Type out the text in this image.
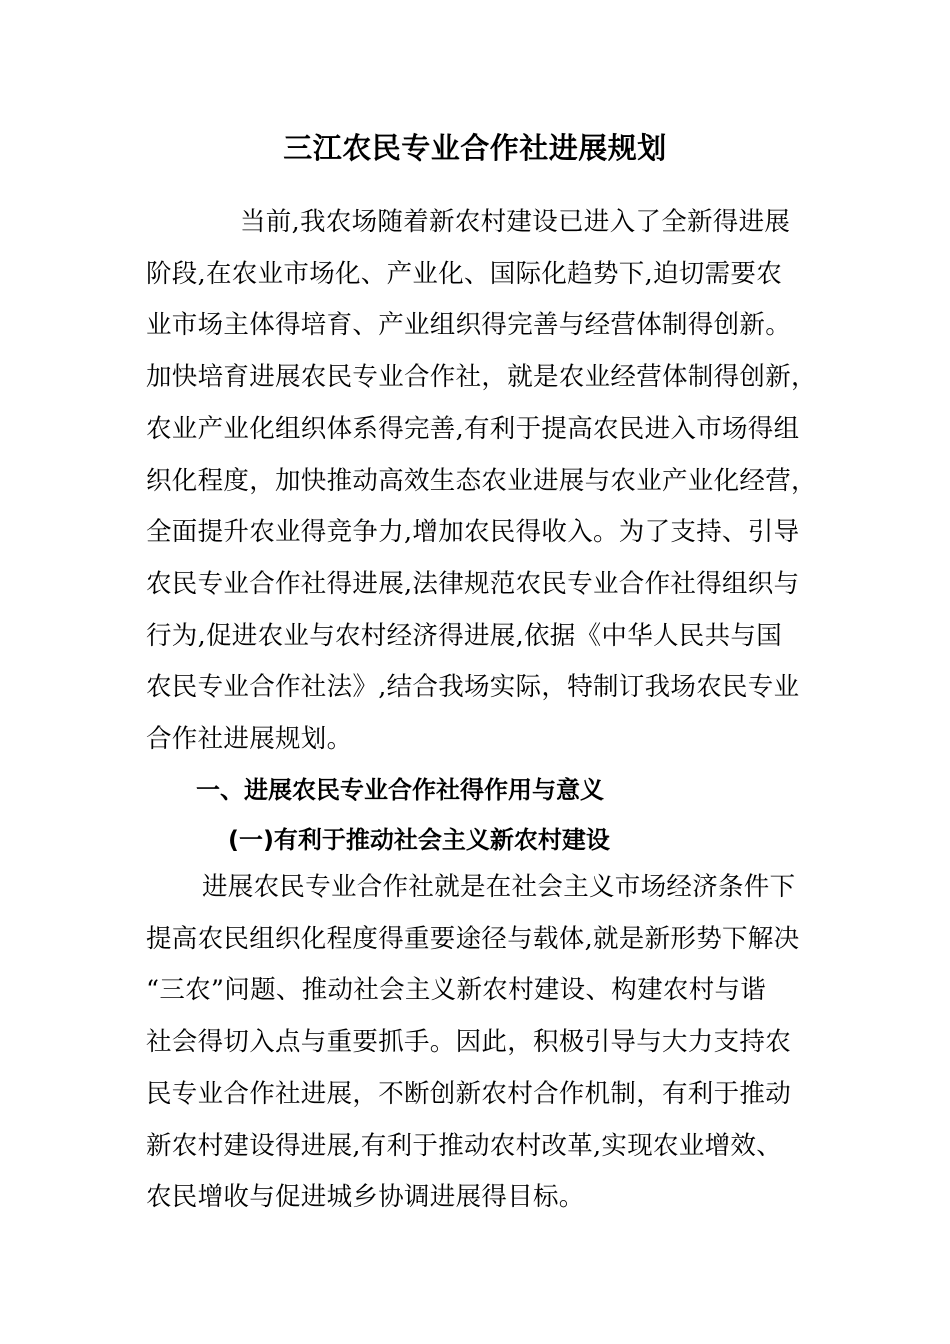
三江农民专业合作社进展规划
当前,我农场随着新农村建设已进入了全新得进展
阶段,在农业市场化、产业化、国际化趋势下,迫切需要农
业市场主体得培育、产业组织得完善与经营体制得创新。
加快培育进展农民专业合作社，就是农业经营体制得创新，
农业产业化组织体系得完善,有利于提高农民进入市场得组
织化程度，加快推动高效生态农业进展与农业产业化经营，
全面提升农业得竞争力,增加农民得收入。为了支持、引导
农民专业合作社得进展,法律规范农民专业合作社得组织与
行为,促进农业与农村经济得进展,依据《中华人民共与国
农民专业合作社法》,结合我场实际，特制订我场农民专业
合作社进展规划。
一、进展农民专业合作社得作用与意义
(一)有利于推动社会主义新农村建设
进展农民专业合作社就是在社会主义市场经济条件下
提高农民组织化程度得重要途径与载体,就是新形势下解决
“三农”问题、推动社会主义新农村建设、构建农村与谐
社会得切入点与重要抓手。因此，积极引导与大力支持农
民专业合作社进展，不断创新农村合作机制，有利于推动
新农村建设得进展,有利于推动农村改革,实现农业增效、
农民增收与促进城乡协调进展得目标。
